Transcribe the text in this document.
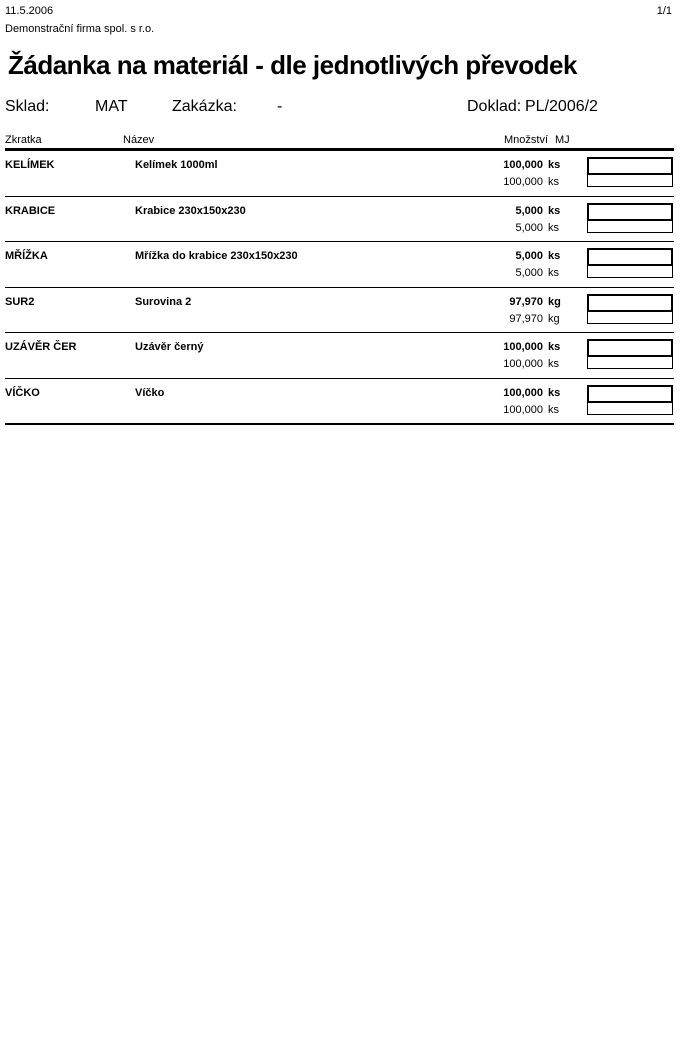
11.5.2006	1/1
Demonstrační firma spol. s r.o.
Žádanka na materiál - dle jednotlivých převodek
Sklad:	MAT	Zakázka:	-	Doklad: PL/2006/2
Zkratka	Název	Množství MJ
KELÍMEK	Kelímek 1000ml	100,000 ks
100,000 ks
KRABICE	Krabice 230x150x230	5,000 ks
5,000 ks
MŘÍŽKA	Mřížka do krabice 230x150x230	5,000 ks
5,000 ks
SUR2	Surovina 2	97,970 kg
97,970 kg
UZÁVĚR ČER	Uzávěr černý	100,000 ks
100,000 ks
VÍČKO	Víčko	100,000 ks
100,000 ks
